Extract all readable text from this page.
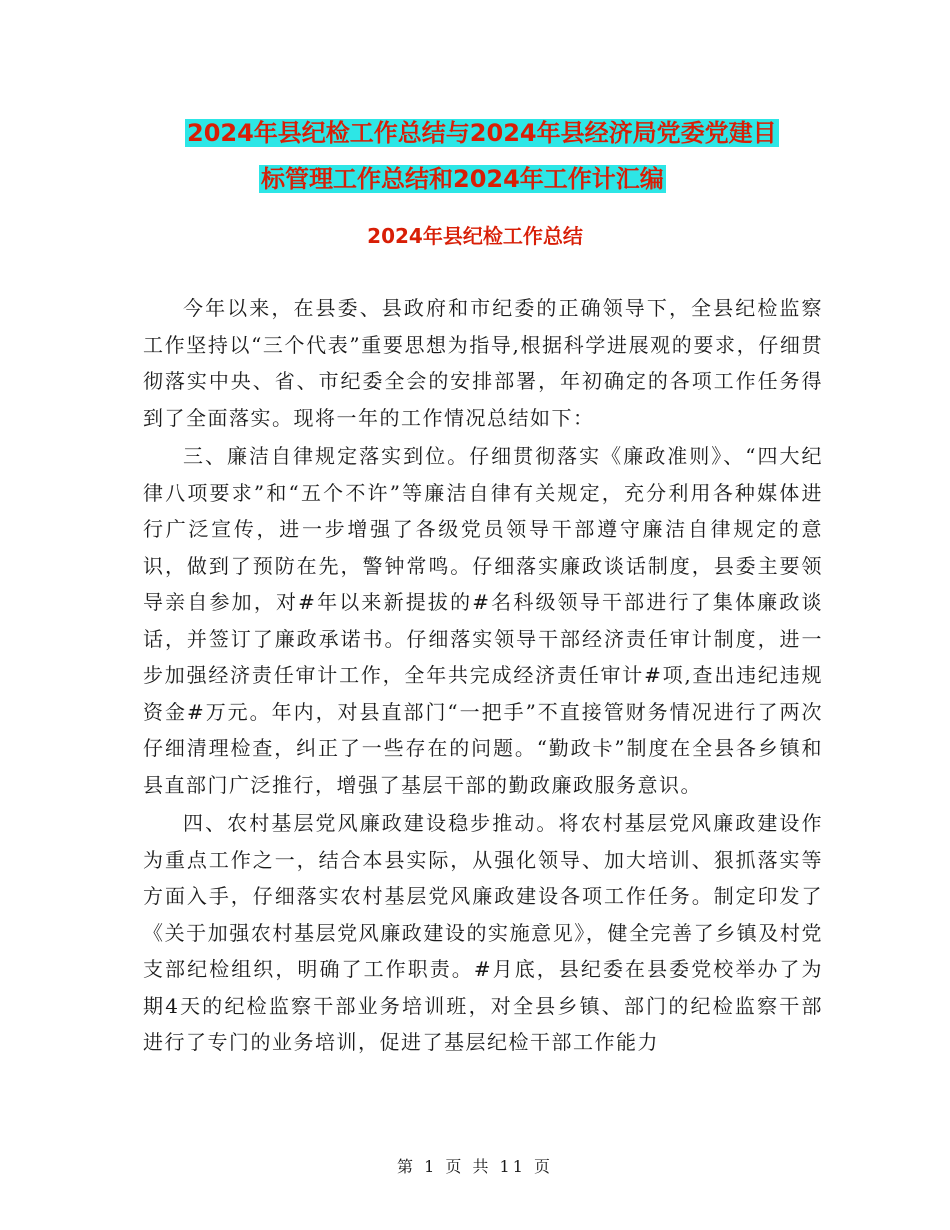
2024年县纪检工作总结与2024年县经济局党委党建目
标管理工作总结和2024年工作计汇编
2024年县纪检工作总结

今年以来，在县委、县政府和市纪委的正确领导下，全县纪检监察工作坚持以“三个代表”重要思想为指导,根据科学进展观的要求，仔细贯彻落实中央、省、市纪委全会的安排部署，年初确定的各项工作任务得到了全面落实。现将一年的工作情况总结如下：

三、廉洁自律规定落实到位。仔细贯彻落实《廉政准则》、“四大纪律八项要求”和“五个不许”等廉洁自律有关规定，充分利用各种媒体进行广泛宣传，进一步增强了各级党员领导干部遵守廉洁自律规定的意识，做到了预防在先，警钟常鸣。仔细落实廉政谈话制度，县委主要领导亲自参加，对#年以来新提拔的#名科级领导干部进行了集体廉政谈话，并签订了廉政承诺书。仔细落实领导干部经济责任审计制度，进一步加强经济责任审计工作，全年共完成经济责任审计#项,查出违纪违规资金#万元。年内，对县直部门“一把手”不直接管财务情况进行了两次仔细清理检查，纠正了一些存在的问题。“勤政卡”制度在全县各乡镇和县直部门广泛推行，增强了基层干部的勤政廉政服务意识。

四、农村基层党风廉政建设稳步推动。将农村基层党风廉政建设作为重点工作之一，结合本县实际，从强化领导、加大培训、狠抓落实等方面入手，仔细落实农村基层党风廉政建设各项工作任务。制定印发了《关于加强农村基层党风廉政建设的实施意见》，健全完善了乡镇及村党支部纪检组织，明确了工作职责。#月底，县纪委在县委党校举办了为期4天的纪检监察干部业务培训班，对全县乡镇、部门的纪检监察干部进行了专门的业务培训，促进了基层纪检干部工作能力

第 1 页 共 11 页
